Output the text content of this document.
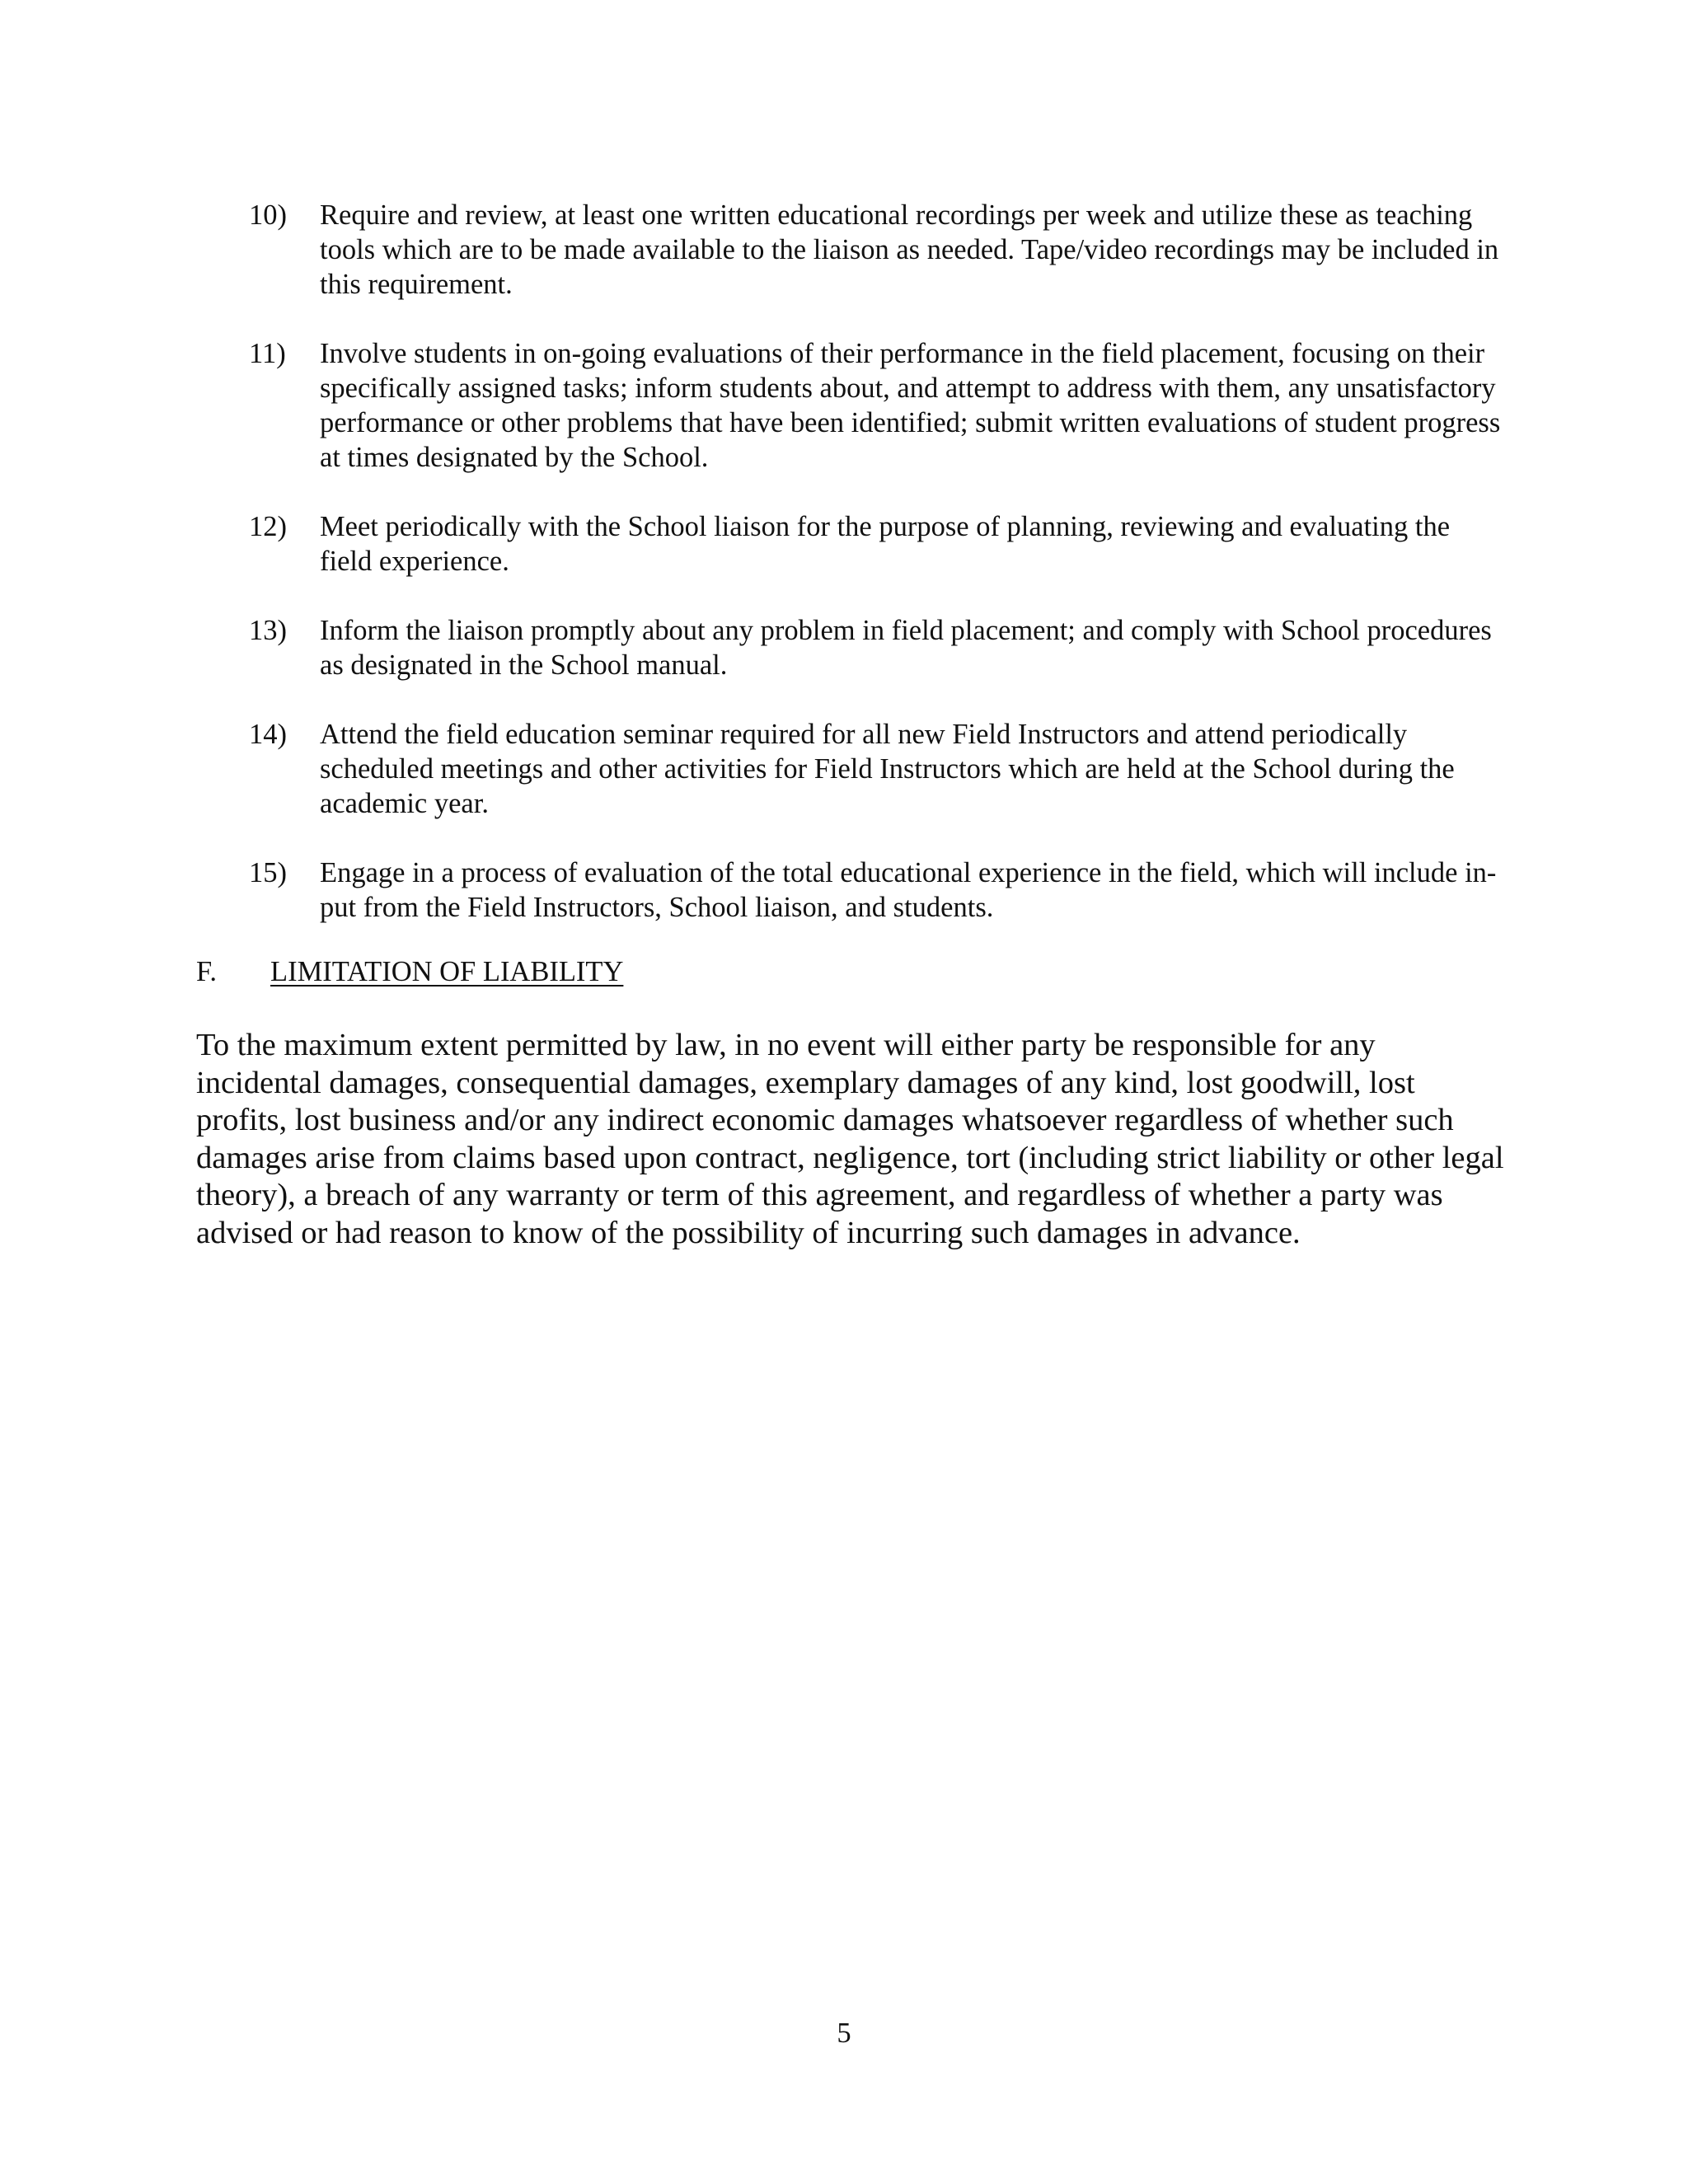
10)	Require and review, at least one written educational recordings per week and utilize these as teaching tools which are to be made available to the liaison as needed. Tape/video recordings may be included in this requirement.
11)	Involve students in on-going evaluations of their performance in the field placement, focusing on their specifically assigned tasks; inform students about, and attempt to address with them, any unsatisfactory performance or other problems that have been identified; submit written evaluations of student progress at times designated by the School.
12)	Meet periodically with the School liaison for the purpose of planning, reviewing and evaluating the field experience.
13)	Inform the liaison promptly about any problem in field placement; and comply with School procedures as designated in the School manual.
14)	Attend the field education seminar required for all new Field Instructors and attend periodically scheduled meetings and other activities for Field Instructors which are held at the School during the academic year.
15)	Engage in a process of evaluation of the total educational experience in the field, which will include in-put from the Field Instructors, School liaison, and students.
F.	LIMITATION OF LIABILITY

To the maximum extent permitted by law, in no event will either party be responsible for any incidental damages, consequential damages, exemplary damages of any kind, lost goodwill, lost profits, lost business and/or any indirect economic damages whatsoever regardless of whether such damages arise from claims based upon contract, negligence, tort (including strict liability or other legal theory), a breach of any warranty or term of this agreement, and regardless of whether a party was advised or had reason to know of the possibility of incurring such damages in advance.

5
